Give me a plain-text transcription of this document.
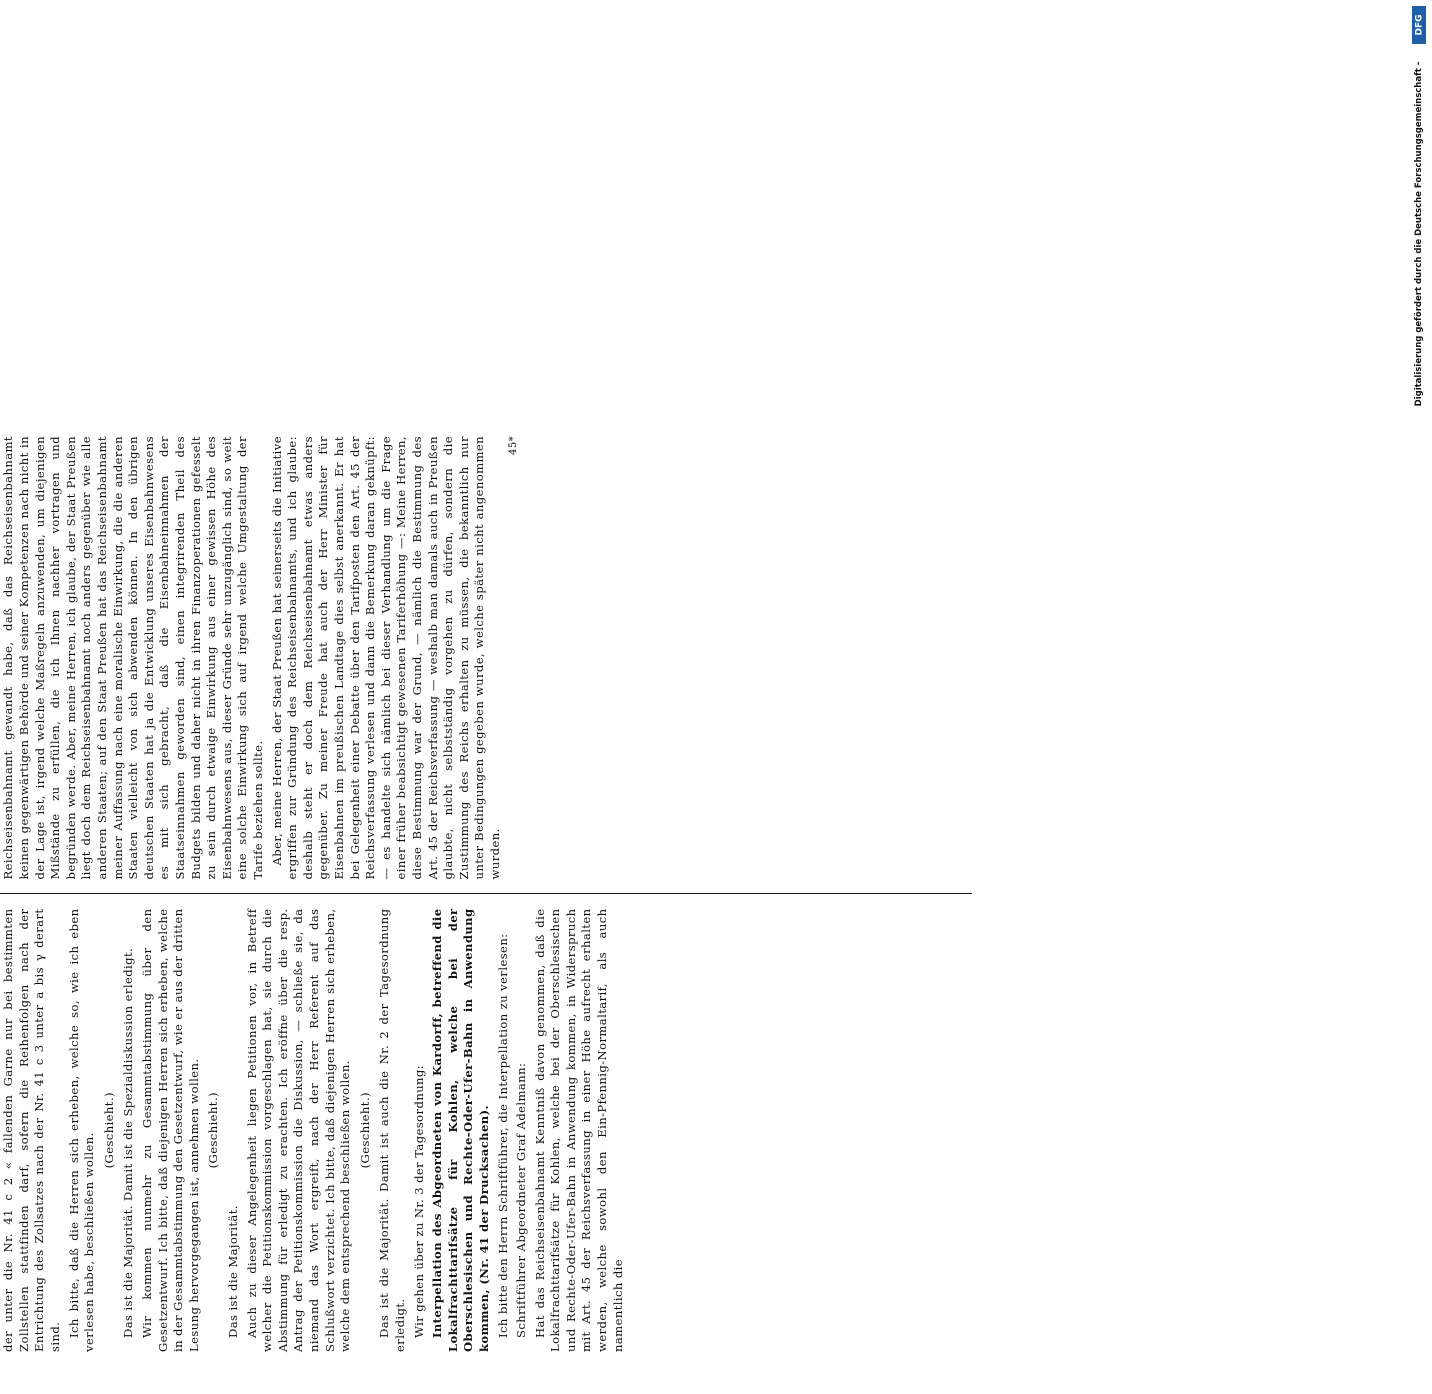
der unter die Nr. 41 c 2 « fallenden Garne nur bei bestimmten Zollstellen stattfinden darf, sofern die Reihenfolgen nach der Entrichtung des Zollsatzes nach der Nr. 41 c 3 unter a bis γ derart sind. Ich bitte, daß die Herren sich erheben, welche so, wie ich eben verlesen habe, beschließen wollen.

(Geschieht.) Das ist die Majorität. Damit ist die Spezialdiskussion erledigt. Wir kommen nunmehr zu Gesammtabstimmung über den Gesetzentwurf. Ich bitte, daß diejenigen Herren sich erheben, welche in der Gesammtabstimmung den Gesetzentwurf, wie er aus der dritten Lesung hervorgegangen ist, annehmen wollen. (Geschieht.)

Das ist die Majorität. Auch zu dieser Angelegenheit liegen Petitionen vor, in Betreff welcher die Petitionskommission vorgeschlagen hat, sie durch die Abstimmung für erledigt zu erachten. Ich eröffne über die resp. Antrag der Petitionskommission die Diskussion, — schließe sie, da niemand das Wort ergreift, nach der Herr Referent auf das Schlußwort verzichtet. Ich bitte, daß diejenigen Herren sich erheben, welche dem entsprechend beschließen wollen. (Geschieht.) Das ist die Majorität. Damit ist auch die Nr. 2 der Tagesordnung erledigt. Wir gehen über zu Nr. 3 der Tagesordnung: Interpellation des Abgeordneten von Kardorff, betreffend die Lokalfrachttarifsätze für Kohlen, welche bei der Oberschlesischen und Rechte-Oder-Ufer-Bahn in Anwendung kommen, (Nr. 41 der Drucksachen). Ich bitte den Herrn Schriftführer, die Interpellation zu verlesen: Schriftführer Abgeordneter Graf Adelmann: Hat das Reichseisenbahnamt Kenntniß davon genommen, daß die Lokalfrachttarifsätze für Kohlen, welche bei der Oberschlesischen und Rechte-Oder-Ufer-Bahn in Anwendung kommen, in Widerspruch mit Art. 45 der Reichsverfassung in einer Höhe aufrecht erhalten werden, welche sowohl den Ein-Pfennig-Normaltarif, als auch namentlich die

Reichseisenbahnamt gewandt habe, daß das Reichseisenbahnamt keinen gegenwärtigen Behörde und seiner Kompetenzen nach nicht in der Lage ist, irgend welche Maßregeln anzuwenden, um diejenigen Mißstände zu erfüllen, die ich Ihnen nachher vortragen und begründen werde. Aber, meine Herren, ich glaube, der Staat Preußen liegt doch dem Reichseisenbahnamt noch anders gegenüber wie alle anderen Staaten; auf den Staat Preußen hat das Reichseisenbahnamt meiner Auffassung nach eine moralische Einwirkung, die die anderen Staaten vielleicht von sich abwenden können. In den übrigen deutschen Staaten hat ja die Entwicklung unseres Eisenbahnwesens es mit sich gebracht, daß die Eisenbahneinnahmen der Staatseinnahmen geworden sind, einen integrirenden Theil des Budgets bilden und daher nicht in ihren Finanzoperationen gefesselt zu sein durch etwaige Einwirkung aus einer gewissen Höhe des Eisenbahnwesens aus, dieser Gründe sehr unzugänglich sind, so weit eine solche Einwirkung sich auf irgend welche Umgestaltung der Tarife beziehen sollte. Aber, meine Herren, der Staat Preußen hat seinerseits die Initiative ergriffen zur Gründung des Reichseisenbahnamts, und ich glaube: deshalb steht er doch dem Reichseisenbahnamt etwas anders gegenüber. Zu meiner Freude hat auch der Herr Minister für Eisenbahnen im preußischen Landtage dies selbst anerkannt. Er hat bei Gelegenheit einer Debatte über den Tarifposten den Art. 45 der Reichsverfassung verlesen und dann die Bemerkung daran geknüpft: — es handelte sich nämlich bei dieser Verhandlung um die Frage einer früher beabsichtigt gewesenen Tariferhöhung —: Meine Herren, diese Bestimmung war der Grund, — nämlich die Bestimmung des Art. 45 der Reichsverfassung — weshalb man damals auch in Preußen glaubte, nicht selbstständig vorgehen zu dürfen, sondern die Zustimmung des Reichs erhalten zu müssen, die bekanntlich nur unter Bedingungen gegeben wurde, welche später nicht angenommen wurden.

45*

DFG
Digitalisierung gefördert durch die Deutsche Forschungsgemeinschaft -
